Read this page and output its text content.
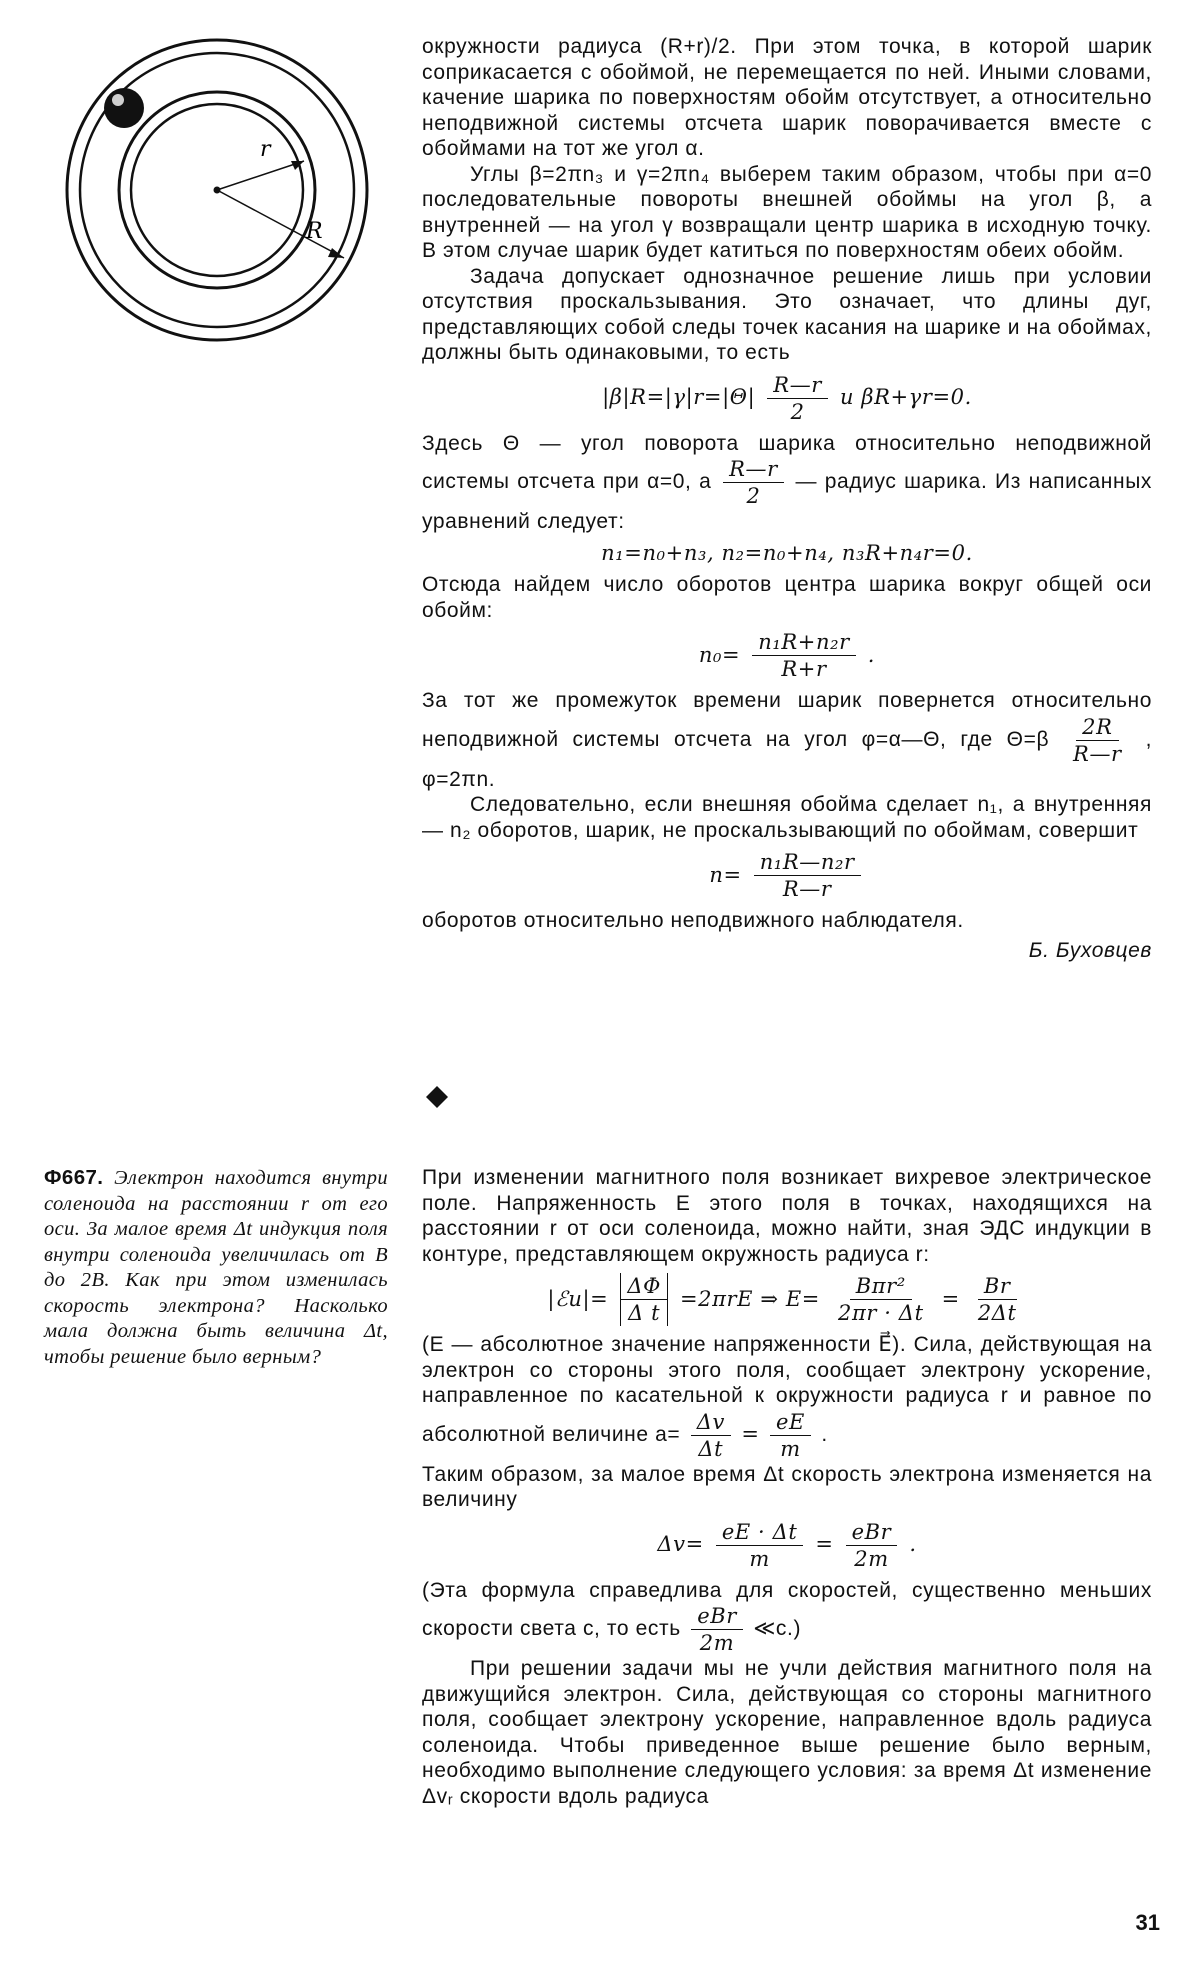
r
R

окружности радиуса (R+r)/2. При этом точка, в которой шарик соприкасается с обоймой, не перемещается по ней. Иными словами, качение шарика по поверхностям обойм отсутствует, а относительно неподвижной системы отсчета шарик поворачивается вместе с обоймами на тот же угол α.

Углы β=2πn₃ и γ=2πn₄ выберем таким образом, чтобы при α=0 последовательные повороты внешней обоймы на угол β, а внутренней — на угол γ возвращали центр шарика в исходную точку. В этом случае шарик будет катиться по поверхностям обеих обойм.

Задача допускает однозначное решение лишь при условии отсутствия проскальзывания. Это означает, что длины дуг, представляющих собой следы точек касания на шарике и на обоймах, должны быть одинаковыми, то есть

$|\beta|R=|\gamma|r=|\Theta| \frac{R—r}{2}$ и βR+γr=0.

Здесь Θ — угол поворота шарика относительно неподвижной системы отсчета при α=0, а $\frac{R—r}{2}$ — радиус шарика. Из написанных уравнений следует:

n₁=n₀+n₃, n₂=n₀+n₄, n₃R+n₄r=0.

Отсюда найдем число оборотов центра шарика вокруг общей оси обойм:

$n_0= \frac{\text{n₁R+n₂r}}{R+r}$ .

За тот же промежуток времени шарик повернется относительно неподвижной системы отсчета на угол φ=α—Θ, где $\Theta=\beta \frac{2R}{R—r}$ , φ=2πn.

Следовательно, если внешняя обойма сделает n₁, а внутренняя — n₂ оборотов, шарик, не проскальзывающий по обоймам, совершит

$n= \frac{\text{n₁R—n₂r}}{R—r}$

оборотов относительно неподвижного наблюдателя.

Б. Буховцев

Ф667. Электрон находится внутри соленоида на расстоянии r от его оси. За малое время Δt индукция поля внутри соленоида увеличилась от B до 2B. Как при этом изменилась скорость электрона? Насколько мала должна быть величина Δt, чтобы решение было верным?

При изменении магнитного поля возникает вихревое электрическое поле. Напряженность E этого поля в точках, находящихся на расстоянии r от оси соленоида, можно найти, зная ЭДС индукции в контуре, представляющем окружность радиуса r:

|ℰи|= $\frac{\Delta\Phi}{\text{Δ t}} =2\pi rE$ ⇒ $E= \frac{\text{Bπr²}}{2\pi r \cdot \Delta t} = \frac{Br}{2\Delta t}$

(E — абсолютное значение напряженности E⃗). Сила, действующая на электрон со стороны этого поля, сообщает электрону ускорение, направленное по касательной к окружности радиуса r и равное по абсолютной величине $a= \frac{\Delta v}{\Delta t} = \frac{eE}{m}$ .

Таким образом, за малое время Δt скорость электрона изменяется на величину

$\Delta v= \frac{eE \cdot \Delta t}{m} = \frac{\text{eBr}}{2m}$ .

(Эта формула справедлива для скоростей, существенно меньших скорости света c, то есть $\frac{\text{eBr}}{2m}$ ≪c.)

При решении задачи мы не учли действия магнитного поля на движущийся электрон. Сила, действующая со стороны магнитного поля, сообщает электрону ускорение, направленное вдоль радиуса соленоида. Чтобы приведенное выше решение было верным, необходимо выполнение следующего условия: за время Δt изменение Δvᵣ скорости вдоль радиуса

31
